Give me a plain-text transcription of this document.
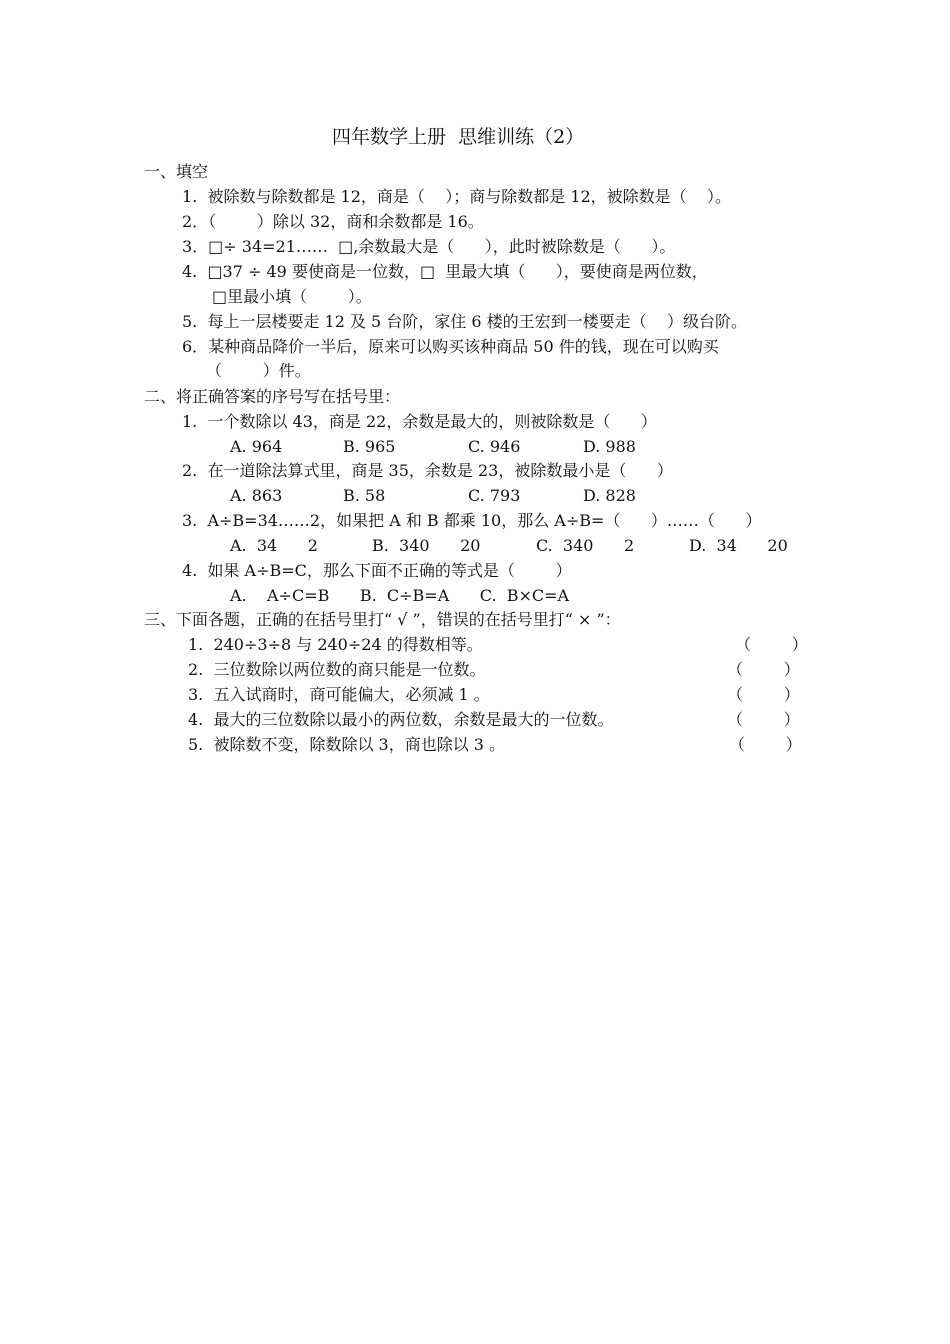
四年数学上册  思维训练（2）
一、填空
1.  被除数与除数都是 12，商是（    ）；商与除数都是 12，被除数是（    ）。
2．（        ）除以 32，商和余数都是 16。
3．□÷ 34=21……  □,余数最大是（      ），此时被除数是（      ）。
4.  □37 ÷ 49 要使商是一位数，□  里最大填（      ），要使商是两位数，
□里最小填（        ）。
5.  每上一层楼要走 12 及 5 台阶，家住 6 楼的王宏到一楼要走（    ）级台阶。
6．某种商品降价一半后，原来可以购买该种商品 50 件的钱，现在可以购买
（        ）件。
二、将正确答案的序号写在括号里：
1.  一个数除以 43，商是 22，余数是最大的，则被除数是（      ）
A. 964	B. 965	C. 946	D. 988
2.  在一道除法算式里，商是 35，余数是 23，被除数最小是（      ）
A. 863	B. 58	C. 793	D. 828
3.  A÷B=34……2，如果把 A 和 B 都乘 10，那么 A÷B=（      ）……（      ）
A.  34      2	B.  340      20	C.  340      2	D.  34      20
4.  如果 A÷B=C，那么下面不正确的等式是（        ）
A.    A÷C=B      B.  C÷B=A      C.  B×C=A
三、下面各题，正确的在括号里打“ √ ”，错误的在括号里打“ × ”：
1.  240÷3÷8 与 240÷24 的得数相等。	（        ）
2.  三位数除以两位数的商只能是一位数。	（        ）
3.  五入试商时，商可能偏大，必须减 1 。	（        ）
4.  最大的三位数除以最小的两位数，余数是最大的一位数。	（        ）
5.  被除数不变，除数除以 3，商也除以 3 。	（        ）
